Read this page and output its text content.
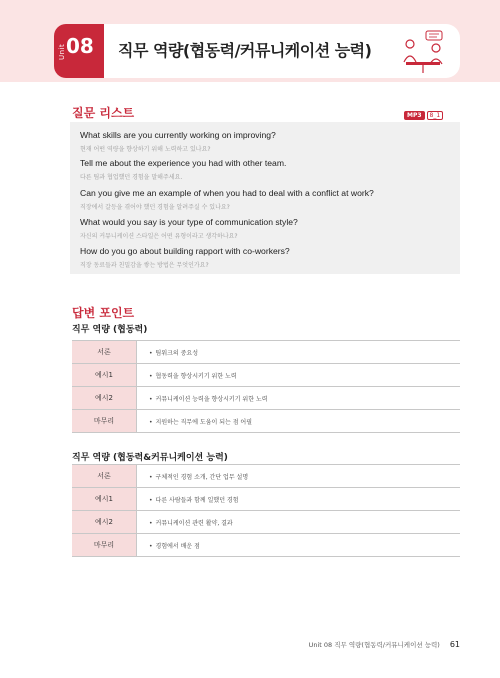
Unit 08 직무 역량(협동력/커뮤니케이션 능력)
질문 리스트	MP3	8_1
What skills are you currently working on improving?
현재 어떤 역량을 향상하기 위해 노력하고 있나요?
Tell me about the experience you had with other team.
다른 팀과 협업했던 경험을 말해주세요.
Can you give me an example of when you had to deal with a conflict at work?
직장에서 갈등을 겪어야 했던 경험을 알려주실 수 있나요?
What would you say is your type of communication style?
자신의 커뮤니케이션 스타일은 어떤 유형이라고 생각하나요?
How do you go about building rapport with co-workers?
직장 동료들과 친밀감을 쌓는 방법은 무엇인가요?
답변 포인트
직무 역량 (협동력)
서론	• 팀워크의 중요성
예시1	• 협동력을 향상시키기 위한 노력
예시2	• 커뮤니케이션 능력을 향상시키기 위한 노력
마무리	• 지원하는 직무에 도움이 되는 점 어필
직무 역량 (협동력&커뮤니케이션 능력)
서론	• 구체적인 경험 소개, 간단 업무 설명
예시1	• 다른 사람들과 함께 일했던 경험
예시2	• 커뮤니케이션 관련 활약, 결과
마무리	• 경험에서 배운 점
Unit 08 직무 역량(협동력/커뮤니케이션 능력) 61
